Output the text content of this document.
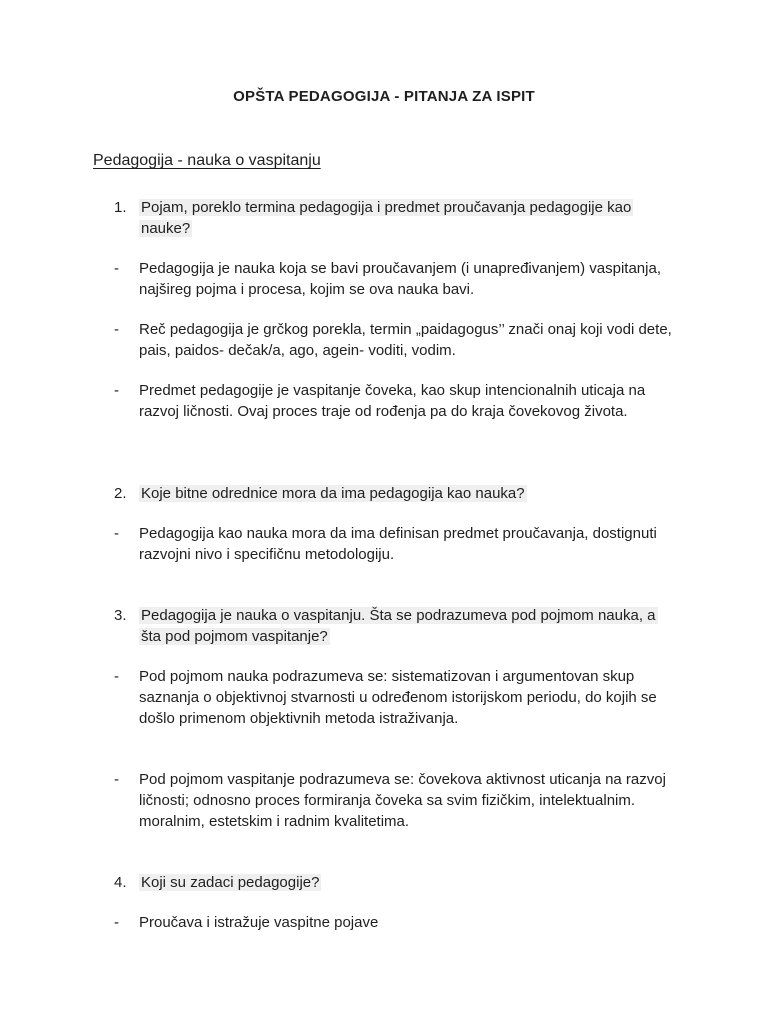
OPŠTA PEDAGOGIJA - PITANJA ZA ISPIT
Pedagogija - nauka o vaspitanju
1. Pojam, poreklo termina pedagogija i predmet proučavanja pedagogije kao nauke?
-	Pedagogija je nauka koja se bavi proučavanjem (i unapređivanjem) vaspitanja, najšireg pojma i procesa, kojim se ova nauka bavi.
-	Reč pedagogija je grčkog porekla, termin „paidagogus’’ znači onaj koji vodi dete, pais, paidos- dečak/a, ago, agein- voditi, vodim.
-	Predmet pedagogije je vaspitanje čoveka, kao skup intencionalnih uticaja na razvoj ličnosti. Ovaj proces traje od rođenja pa do kraja čovekovog života.
2. Koje bitne odrednice mora da ima pedagogija kao nauka?
-	Pedagogija kao nauka mora da ima definisan predmet proučavanja, dostignuti razvojni nivo i specifičnu metodologiju.
3. Pedagogija je nauka o vaspitanju. Šta se podrazumeva pod pojmom nauka, a šta pod pojmom vaspitanje?
-	Pod pojmom nauka podrazumeva se: sistematizovan i argumentovan skup saznanja o objektivnoj stvarnosti u određenom istorijskom periodu, do kojih se došlo primenom objektivnih metoda istraživanja.
-	Pod pojmom vaspitanje podrazumeva se: čovekova aktivnost uticanja na razvoj ličnosti; odnosno proces formiranja čoveka sa svim fizičkim, intelektualnim. moralnim, estetskim i radnim kvalitetima.
4. Koji su zadaci pedagogije?
-	Proučava i istražuje vaspitne pojave
